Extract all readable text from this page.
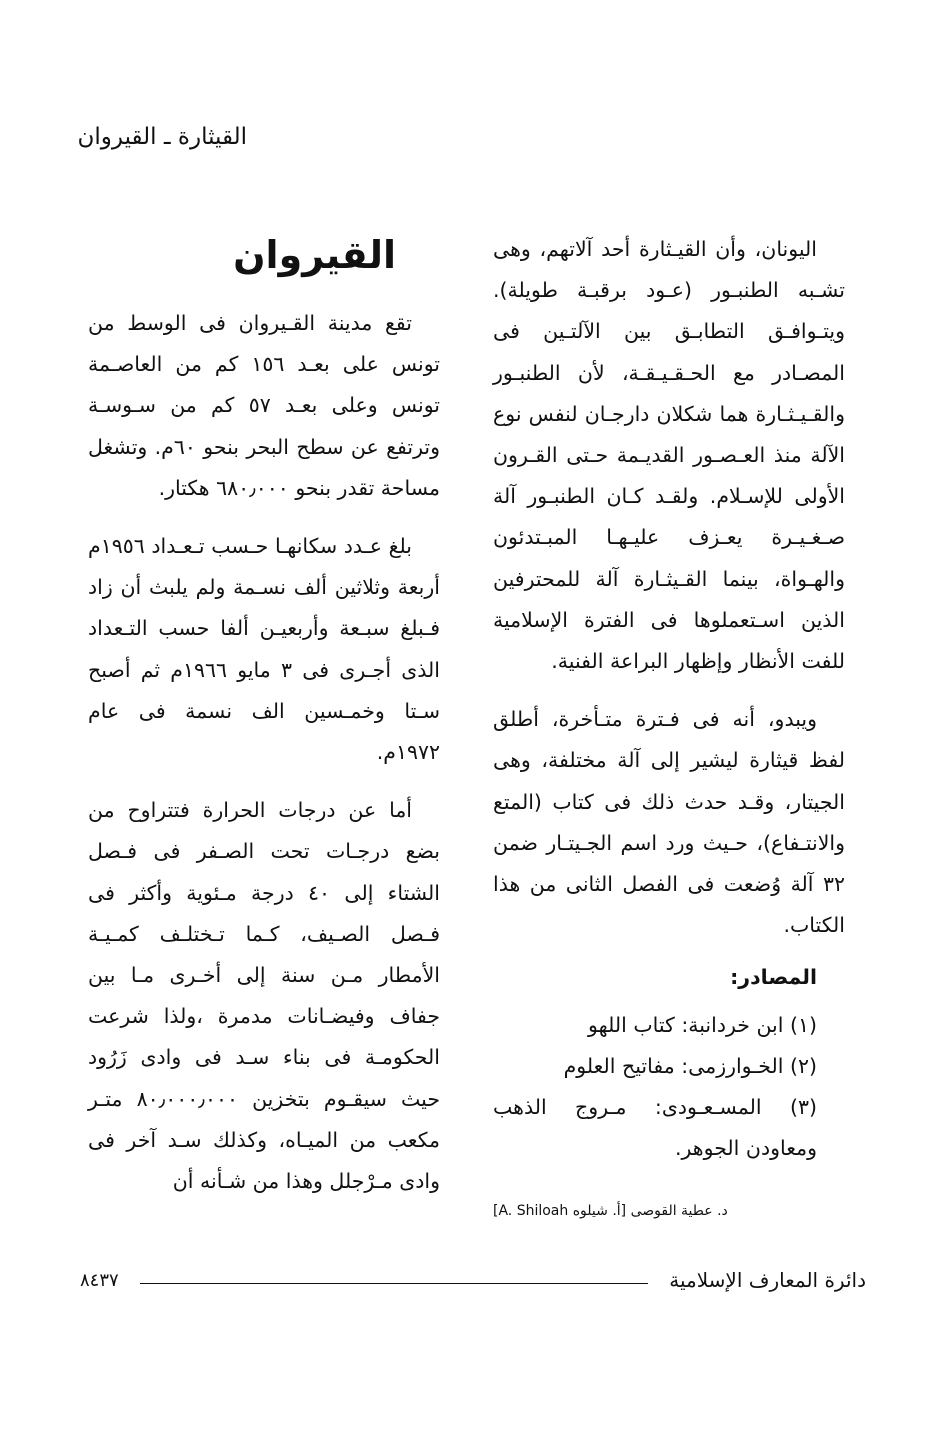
القيثارة ـ القيروان

اليونان، وأن القيـثارة أحد آلاتهم، وهى تشـبه الطنبـور (عـود برقبـة طويلة). ويتـوافـق التطابـق بين الآلتـين فى المصـادر مع الحـقـيـقـة، لأن الطنبـور والقـيـثـارة هما شكلان دارجـان لنفس نوع الآلة منذ العـصـور القديـمة حـتى القـرون الأولى للإسـلام. ولقـد كـان الطنبـور آلة صـغـيـرة يعـزف عليـهـا المبـتدئون والهـواة، بينما القـيثـارة آلة للمحترفين الذين اسـتعملوها فى الفترة الإسلامية للفت الأنظار وإظهار البراعة الفنية.

ويبدو، أنه فى فـترة متـأخرة، أطلق لفظ قيثارة ليشير إلى آلة مختلفة، وهى الجيتار، وقـد حدث ذلك فى كتاب (المتع والانتـفاع)، حـيث ورد اسم الجـيتـار ضمن ٣٢ آلة وُضعت فى الفصل الثانى من هذا الكتاب.

المصادر:
(١) ابن خردانبة: كتاب اللهو
(٢) الخـوارزمى: مفاتيح العلوم
(٣) المسـعـودى: مـروج الذهب ومعاودن الجوهر.
د. عطية القوصى [أ. شيلوه A. Shiloah]
القيروان

تقع مدينة القـيروان فى الوسط من تونس على بعـد ١٥٦ كم من العاصـمة تونس وعلى بعـد ٥٧ كم من سـوسـة وترتفع عن سطح البحر بنحو ٦٠م. وتشغل مساحة تقدر بنحو ٦٨٠٫٠٠٠ هكتار.

بلغ عـدد سكانهـا حـسب تـعـداد ١٩٥٦م أربعة وثلاثين ألف نسـمة ولم يلبث أن زاد فـبلغ سبـعة وأربعيـن ألفا حسب التـعداد الذى أجـرى فى ٣ مايو ١٩٦٦م ثم أصبح سـتا وخمـسين الف نسمة فى عام ١٩٧٢م.

أما عن درجات الحرارة فتتراوح من بضع درجـات تحت الصـفر فى فـصل الشتاء إلى ٤٠ درجة مـئوية وأكثر فى فـصل الصـيف، كـما تـختلـف كمـيـة الأمطار مـن سنة إلى أخـرى مـا بين جفاف وفيضـانات مدمرة ،ولذا شرعت الحكومـة فى بناء سـد فى وادى زَرُود حيث سيقـوم بتخزين ٨٠٫٠٠٠٫٠٠٠ متـر مكعب من الميـاه، وكذلك سـد آخر فى وادى مـرْجلل وهذا من شـأنه أن

دائرة المعارف الإسلامية
٨٤٣٧
